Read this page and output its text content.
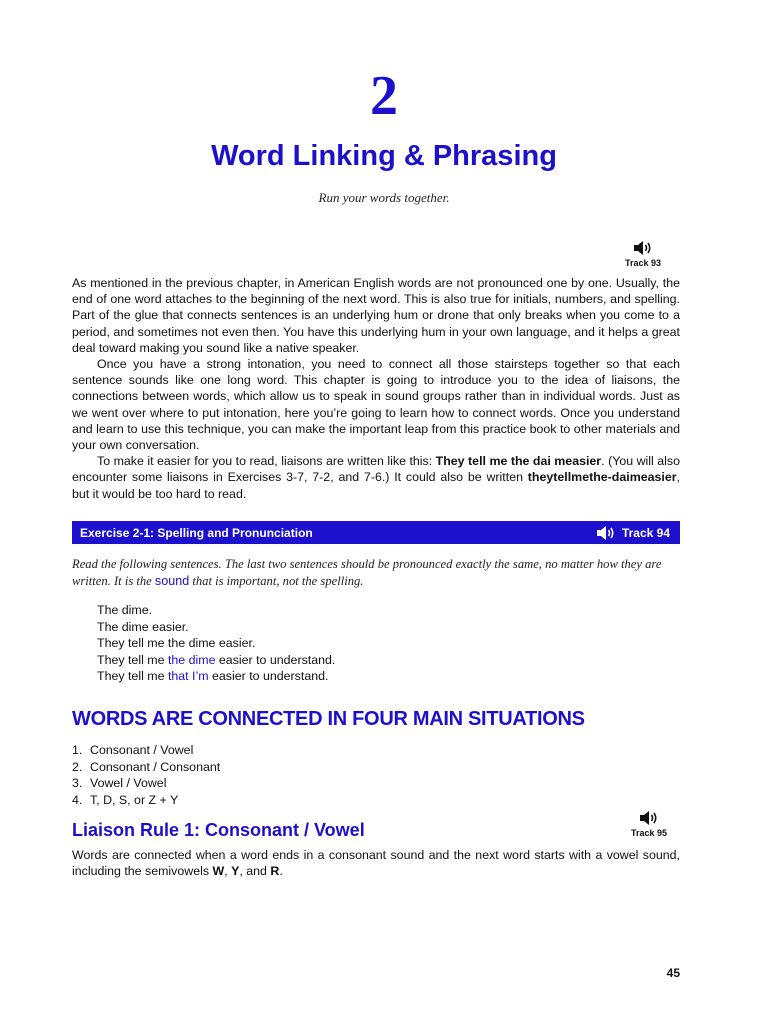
2
Word Linking & Phrasing
Run your words together.
Track 93

As mentioned in the previous chapter, in American English words are not pronounced one by one. Usually, the end of one word attaches to the beginning of the next word. This is also true for initials, numbers, and spelling. Part of the glue that connects sentences is an underlying hum or drone that only breaks when you come to a period, and sometimes not even then. You have this underlying hum in your own language, and it helps a great deal toward making you sound like a native speaker.

Once you have a strong intonation, you need to connect all those stairsteps together so that each sentence sounds like one long word. This chapter is going to introduce you to the idea of liaisons, the connections between words, which allow us to speak in sound groups rather than in individual words. Just as we went over where to put intonation, here you’re going to learn how to connect words. Once you understand and learn to use this technique, you can make the important leap from this practice book to other materials and your own conversation.

To make it easier for you to read, liaisons are written like this: They tell me the dai measier. (You will also encounter some liaisons in Exercises 3-7, 7-2, and 7-6.) It could also be written theytellmethe-daimeasier, but it would be too hard to read.

Exercise 2-1: Spelling and Pronunciation	Track 94
Read the following sentences. The last two sentences should be pronounced exactly the same, no matter how they are written. It is the sound that is important, not the spelling.
The dime.
The dime easier.
They tell me the dime easier.
They tell me the dime easier to understand.
They tell me that I’m easier to understand.
WORDS ARE CONNECTED IN FOUR MAIN SITUATIONS
1. Consonant / Vowel
2. Consonant / Consonant
3. Vowel / Vowel
4. T, D, S, or Z + Y
Liaison Rule 1: Consonant / Vowel	Track 95
Words are connected when a word ends in a consonant sound and the next word starts with a vowel sound, including the semivowels W, Y, and R.
45
